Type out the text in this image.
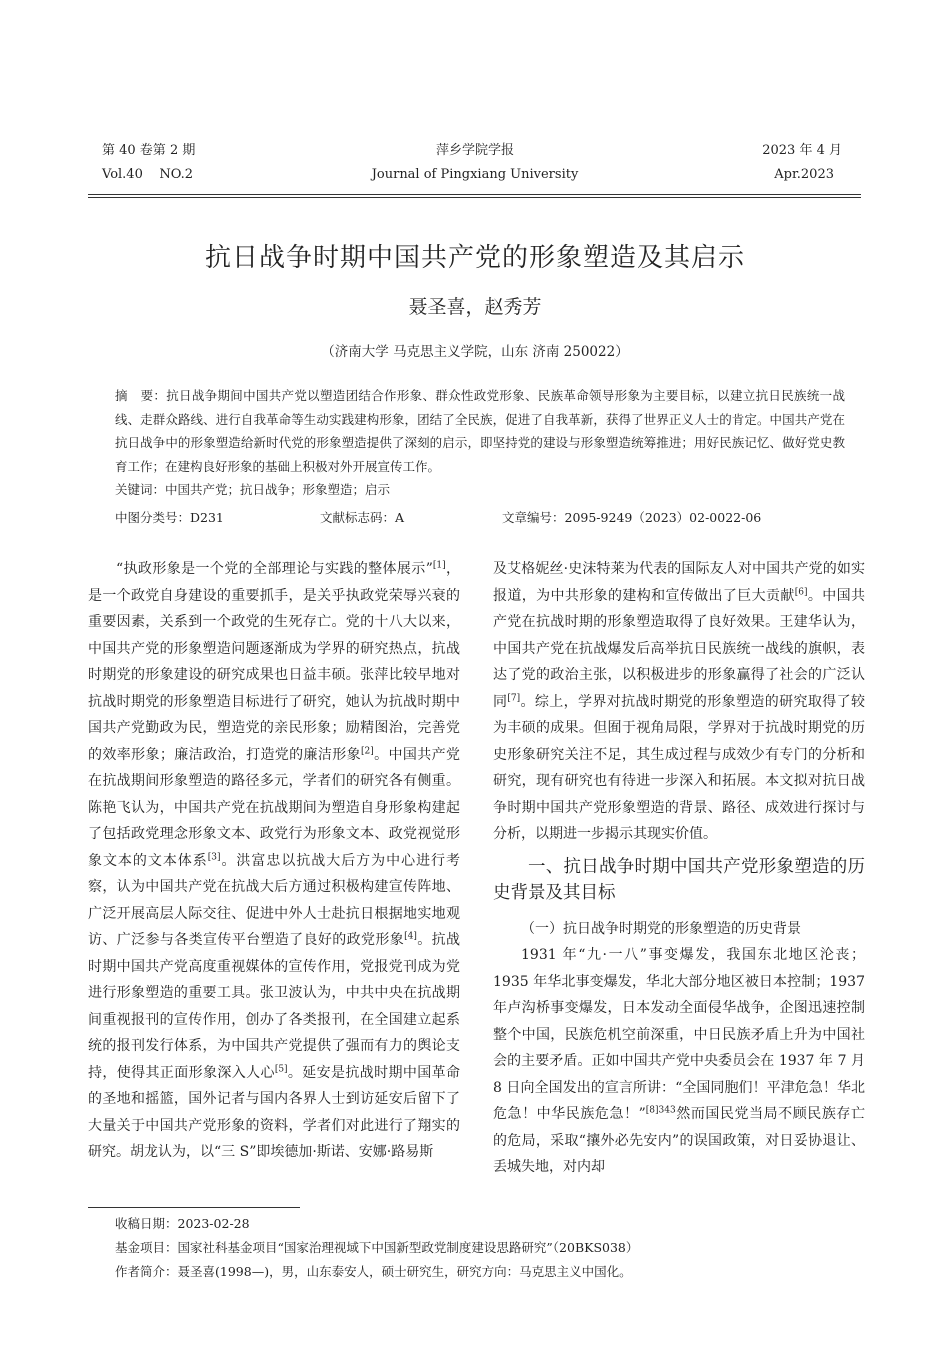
第 40 卷第 2 期	萍乡学院学报	2023 年 4 月
Vol.40    NO.2	Journal of Pingxiang University	Apr.2023
抗日战争时期中国共产党的形象塑造及其启示
聂圣喜，赵秀芳
（济南大学 马克思主义学院，山东 济南 250022）
摘　要：抗日战争期间中国共产党以塑造团结合作形象、群众性政党形象、民族革命领导形象为主要目标，以建立抗日民族统一战线、走群众路线、进行自我革命等生动实践建构形象，团结了全民族，促进了自我革新，获得了世界正义人士的肯定。中国共产党在抗日战争中的形象塑造给新时代党的形象塑造提供了深刻的启示，即坚持党的建设与形象塑造统筹推进；用好民族记忆、做好党史教育工作；在建构良好形象的基础上积极对外开展宣传工作。
关键词：中国共产党；抗日战争；形象塑造；启示
中图分类号：D231	文献标志码：A	文章编号：2095-9249（2023）02-0022-06

“执政形象是一个党的全部理论与实践的整体展示”[1]，是一个政党自身建设的重要抓手，是关乎执政党荣辱兴衰的重要因素，关系到一个政党的生死存亡。党的十八大以来，中国共产党的形象塑造问题逐渐成为学界的研究热点，抗战时期党的形象建设的研究成果也日益丰硕。张萍比较早地对抗战时期党的形象塑造目标进行了研究，她认为抗战时期中国共产党勤政为民，塑造党的亲民形象；励精图治，完善党的效率形象；廉洁政治，打造党的廉洁形象[2]。中国共产党在抗战期间形象塑造的路径多元，学者们的研究各有侧重。陈艳飞认为，中国共产党在抗战期间为塑造自身形象构建起了包括政党理念形象文本、政党行为形象文本、政党视觉形象文本的文本体系[3]。洪富忠以抗战大后方为中心进行考察，认为中国共产党在抗战大后方通过积极构建宣传阵地、广泛开展高层人际交往、促进中外人士赴抗日根据地实地观访、广泛参与各类宣传平台塑造了良好的政党形象[4]。抗战时期中国共产党高度重视媒体的宣传作用，党报党刊成为党进行形象塑造的重要工具。张卫波认为，中共中央在抗战期间重视报刊的宣传作用，创办了各类报刊，在全国建立起系统的报刊发行体系，为中国共产党提供了强而有力的舆论支持，使得其正面形象深入人心[5]。延安是抗战时期中国革命的圣地和摇篮，国外记者与国内各界人士到访延安后留下了大量关于中国共产党形象的资料，学者们对此进行了翔实的研究。胡龙认为，以“三 S”即埃德加·斯诺、安娜·路易斯

及艾格妮丝·史沫特莱为代表的国际友人对中国共产党的如实报道，为中共形象的建构和宣传做出了巨大贡献[6]。中国共产党在抗战时期的形象塑造取得了良好效果。王建华认为，中国共产党在抗战爆发后高举抗日民族统一战线的旗帜，表达了党的政治主张，以积极进步的形象赢得了社会的广泛认同[7]。综上，学界对抗战时期党的形象塑造的研究取得了较为丰硕的成果。但囿于视角局限，学界对于抗战时期党的历史形象研究关注不足，其生成过程与成效少有专门的分析和研究，现有研究也有待进一步深入和拓展。本文拟对抗日战争时期中国共产党形象塑造的背景、路径、成效进行探讨与分析，以期进一步揭示其现实价值。

一、抗日战争时期中国共产党形象塑造的历史背景及其目标
（一）抗日战争时期党的形象塑造的历史背景

1931 年“九·一八”事变爆发，我国东北地区沦丧；1935 年华北事变爆发，华北大部分地区被日本控制；1937 年卢沟桥事变爆发，日本发动全面侵华战争，企图迅速控制整个中国，民族危机空前深重，中日民族矛盾上升为中国社会的主要矛盾。正如中国共产党中央委员会在 1937 年 7 月 8 日向全国发出的宣言所讲：“全国同胞们！平津危急！华北危急！中华民族危急！”$^{[8]343}$然而国民党当局不顾民族存亡的危局，采取“攘外必先安内”的误国政策，对日妥协退让、丢城失地，对内却

收稿日期：2023-02-28
基金项目：国家社科基金项目“国家治理视域下中国新型政党制度建设思路研究”（20BKS038）
作者简介：聂圣喜(1998—)，男，山东泰安人，硕士研究生，研究方向：马克思主义中国化。
